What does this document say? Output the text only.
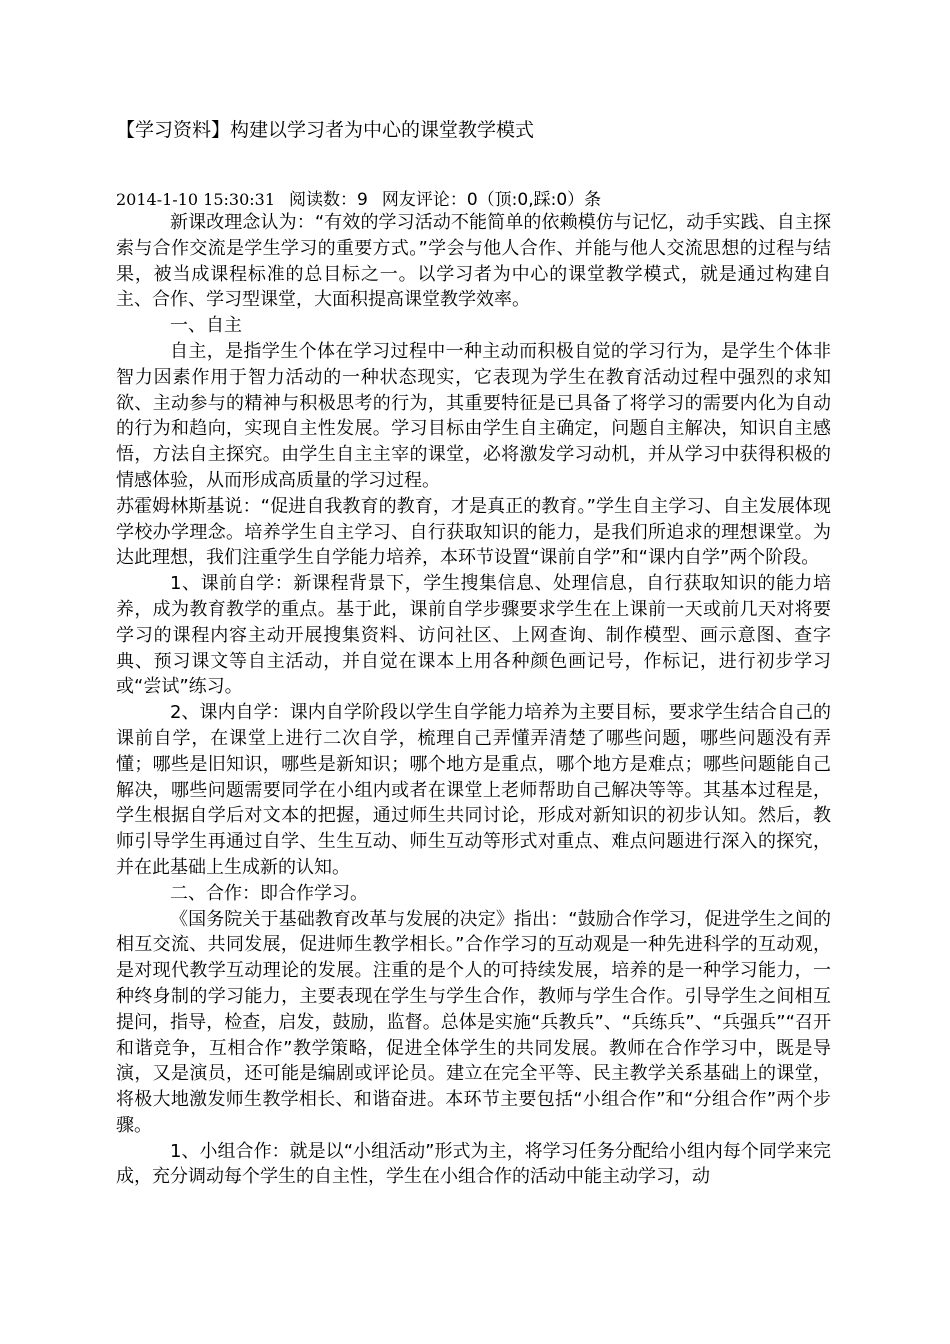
【学习资料】构建以学习者为中心的课堂教学模式
2014-1-10 15:30:31 阅读数：9 网友评论：0（顶:0,踩:0）条

新课改理念认为：“有效的学习活动不能简单的依赖模仿与记忆，动手实践、自主探索与合作交流是学生学习的重要方式。”学会与他人合作、并能与他人交流思想的过程与结果，被当成课程标准的总目标之一。以学习者为中心的课堂教学模式，就是通过构建自主、合作、学习型课堂，大面积提高课堂教学效率。

一、自主

自主，是指学生个体在学习过程中一种主动而积极自觉的学习行为，是学生个体非智力因素作用于智力活动的一种状态现实，它表现为学生在教育活动过程中强烈的求知欲、主动参与的精神与积极思考的行为，其重要特征是已具备了将学习的需要内化为自动的行为和趋向，实现自主性发展。学习目标由学生自主确定，问题自主解决，知识自主感悟，方法自主探究。由学生自主主宰的课堂，必将激发学习动机，并从学习中获得积极的情感体验，从而形成高质量的学习过程。

苏霍姆林斯基说：“促进自我教育的教育，才是真正的教育。”学生自主学习、自主发展体现学校办学理念。培养学生自主学习、自行获取知识的能力，是我们所追求的理想课堂。为达此理想，我们注重学生自学能力培养，本环节设置“课前自学”和“课内自学”两个阶段。

1、课前自学：新课程背景下，学生搜集信息、处理信息，自行获取知识的能力培养，成为教育教学的重点。基于此，课前自学步骤要求学生在上课前一天或前几天对将要学习的课程内容主动开展搜集资料、访问社区、上网查询、制作模型、画示意图、查字典、预习课文等自主活动，并自觉在课本上用各种颜色画记号，作标记，进行初步学习或“尝试”练习。

2、课内自学：课内自学阶段以学生自学能力培养为主要目标，要求学生结合自己的课前自学，在课堂上进行二次自学，梳理自己弄懂弄清楚了哪些问题，哪些问题没有弄懂；哪些是旧知识，哪些是新知识；哪个地方是重点，哪个地方是难点；哪些问题能自己解决，哪些问题需要同学在小组内或者在课堂上老师帮助自己解决等等。其基本过程是，学生根据自学后对文本的把握，通过师生共同讨论，形成对新知识的初步认知。然后，教师引导学生再通过自学、生生互动、师生互动等形式对重点、难点问题进行深入的探究，并在此基础上生成新的认知。

二、合作：即合作学习。

《国务院关于基础教育改革与发展的决定》指出：“鼓励合作学习，促进学生之间的相互交流、共同发展，促进师生教学相长。”合作学习的互动观是一种先进科学的互动观，是对现代教学互动理论的发展。注重的是个人的可持续发展，培养的是一种学习能力，一种终身制的学习能力，主要表现在学生与学生合作，教师与学生合作。引导学生之间相互提问，指导，检查，启发，鼓励，监督。总体是实施“兵教兵”、“兵练兵”、“兵强兵”“召开和谐竞争，互相合作”教学策略，促进全体学生的共同发展。教师在合作学习中，既是导演，又是演员，还可能是编剧或评论员。建立在完全平等、民主教学关系基础上的课堂，将极大地激发师生教学相长、和谐奋进。本环节主要包括“小组合作”和“分组合作”两个步骤。

1、小组合作：就是以“小组活动”形式为主，将学习任务分配给小组内每个同学来完成，充分调动每个学生的自主性，学生在小组合作的活动中能主动学习，动
